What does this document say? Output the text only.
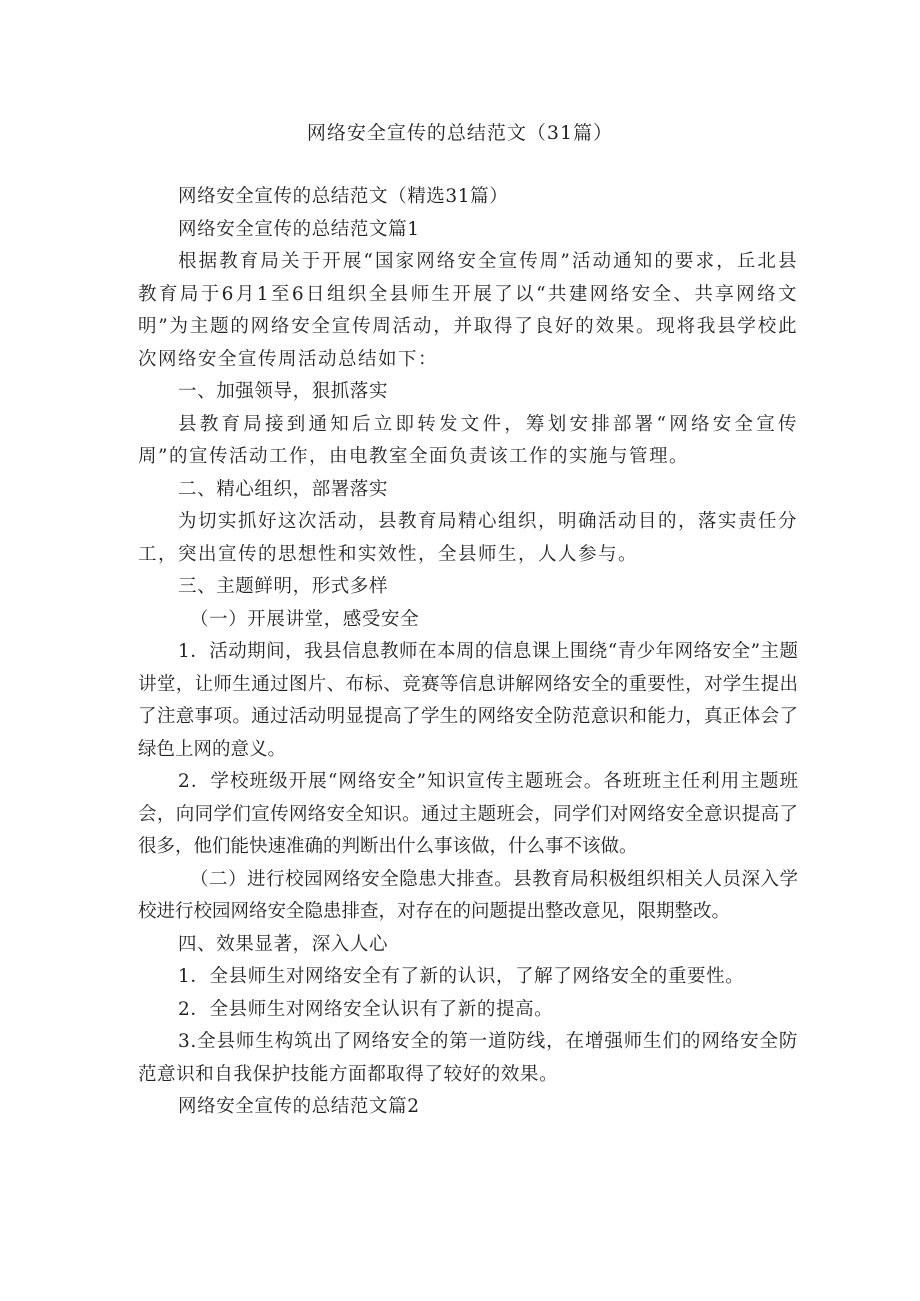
网络安全宣传的总结范文（31篇）

网络安全宣传的总结范文（精选31篇）

网络安全宣传的总结范文篇1

根据教育局关于开展“国家网络安全宣传周”活动通知的要求，丘北县教育局于6月1至6日组织全县师生开展了以“共建网络安全、共享网络文明”为主题的网络安全宣传周活动，并取得了良好的效果。现将我县学校此次网络安全宣传周活动总结如下：

一、加强领导，狠抓落实

县教育局接到通知后立即转发文件，筹划安排部署“网络安全宣传周”的宣传活动工作，由电教室全面负责该工作的实施与管理。

二、精心组织，部署落实

为切实抓好这次活动，县教育局精心组织，明确活动目的，落实责任分工，突出宣传的思想性和实效性，全县师生，人人参与。

三、主题鲜明，形式多样

（一）开展讲堂，感受安全

1．活动期间，我县信息教师在本周的信息课上围绕“青少年网络安全”主题讲堂，让师生通过图片、布标、竞赛等信息讲解网络安全的重要性，对学生提出了注意事项。通过活动明显提高了学生的网络安全防范意识和能力，真正体会了绿色上网的意义。

2．学校班级开展“网络安全”知识宣传主题班会。各班班主任利用主题班会，向同学们宣传网络安全知识。通过主题班会，同学们对网络安全意识提高了很多，他们能快速准确的判断出什么事该做，什么事不该做。

（二）进行校园网络安全隐患大排查。县教育局积极组织相关人员深入学校进行校园网络安全隐患排查，对存在的问题提出整改意见，限期整改。

四、效果显著，深入人心

1．全县师生对网络安全有了新的认识，了解了网络安全的重要性。

2．全县师生对网络安全认识有了新的提高。

3.全县师生构筑出了网络安全的第一道防线，在增强师生们的网络安全防范意识和自我保护技能方面都取得了较好的效果。

网络安全宣传的总结范文篇2
